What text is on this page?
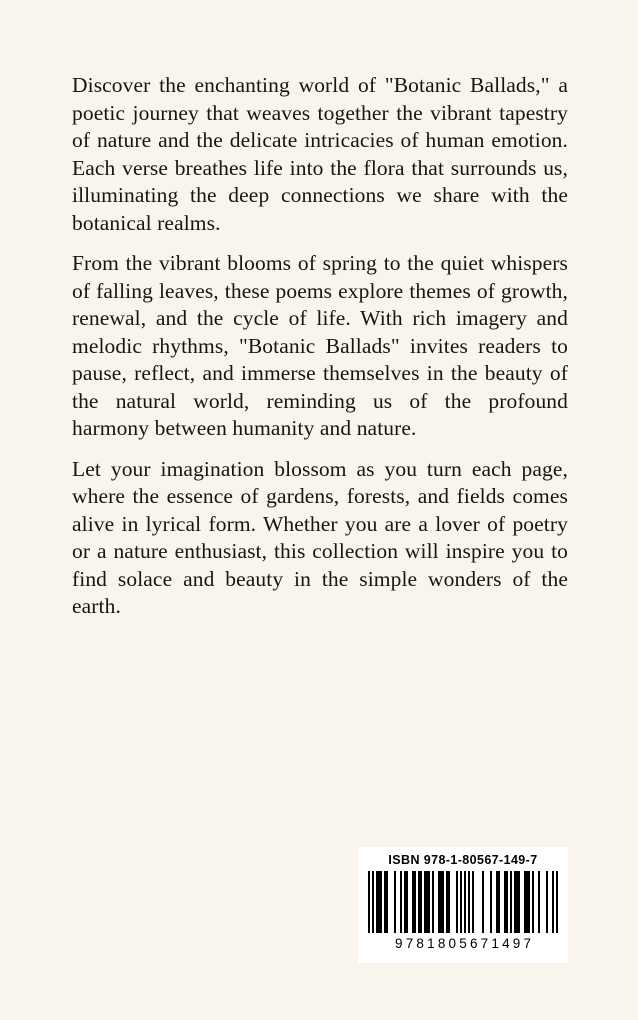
Discover the enchanting world of "Botanic Ballads," a poetic journey that weaves together the vibrant tapestry of nature and the delicate intricacies of human emotion. Each verse breathes life into the flora that surrounds us, illuminating the deep connections we share with the botanical realms.

From the vibrant blooms of spring to the quiet whispers of falling leaves, these poems explore themes of growth, renewal, and the cycle of life. With rich imagery and melodic rhythms, "Botanic Ballads" invites readers to pause, reflect, and immerse themselves in the beauty of the natural world, reminding us of the profound harmony between humanity and nature.

Let your imagination blossom as you turn each page, where the essence of gardens, forests, and fields comes alive in lyrical form. Whether you are a lover of poetry or a nature enthusiast, this collection will inspire you to find solace and beauty in the simple wonders of the earth.

ISBN 978-1-80567-149-7
9781805671497
